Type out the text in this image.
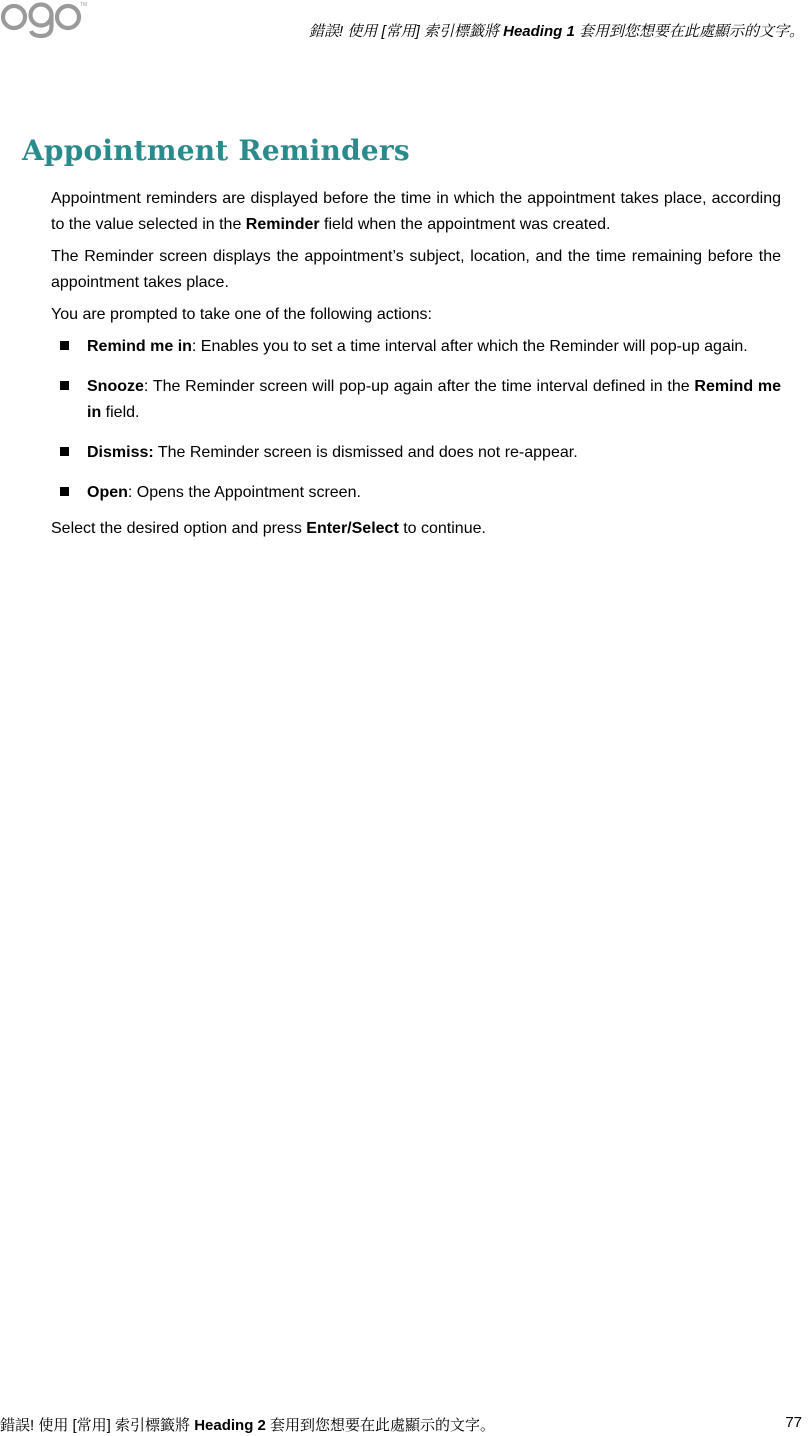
TM
錯誤! 使用 [常用] 索引標籤將 Heading 1 套用到您想要在此處顯示的文字。
Appointment Reminders

Appointment reminders are displayed before the time in which the appointment takes place, according to the value selected in the Reminder field when the appointment was created.

The Reminder screen displays the appointment’s subject, location, and the time remaining before the appointment takes place.

You are prompted to take one of the following actions:

Remind me in: Enables you to set a time interval after which the Reminder will pop-up again.
Snooze: The Reminder screen will pop-up again after the time interval defined in the Remind me in field.
Dismiss: The Reminder screen is dismissed and does not re-appear.
Open: Opens the Appointment screen.

Select the desired option and press Enter/Select to continue.

錯誤! 使用 [常用] 索引標籤將 Heading 2 套用到您想要在此處顯示的文字。	77
